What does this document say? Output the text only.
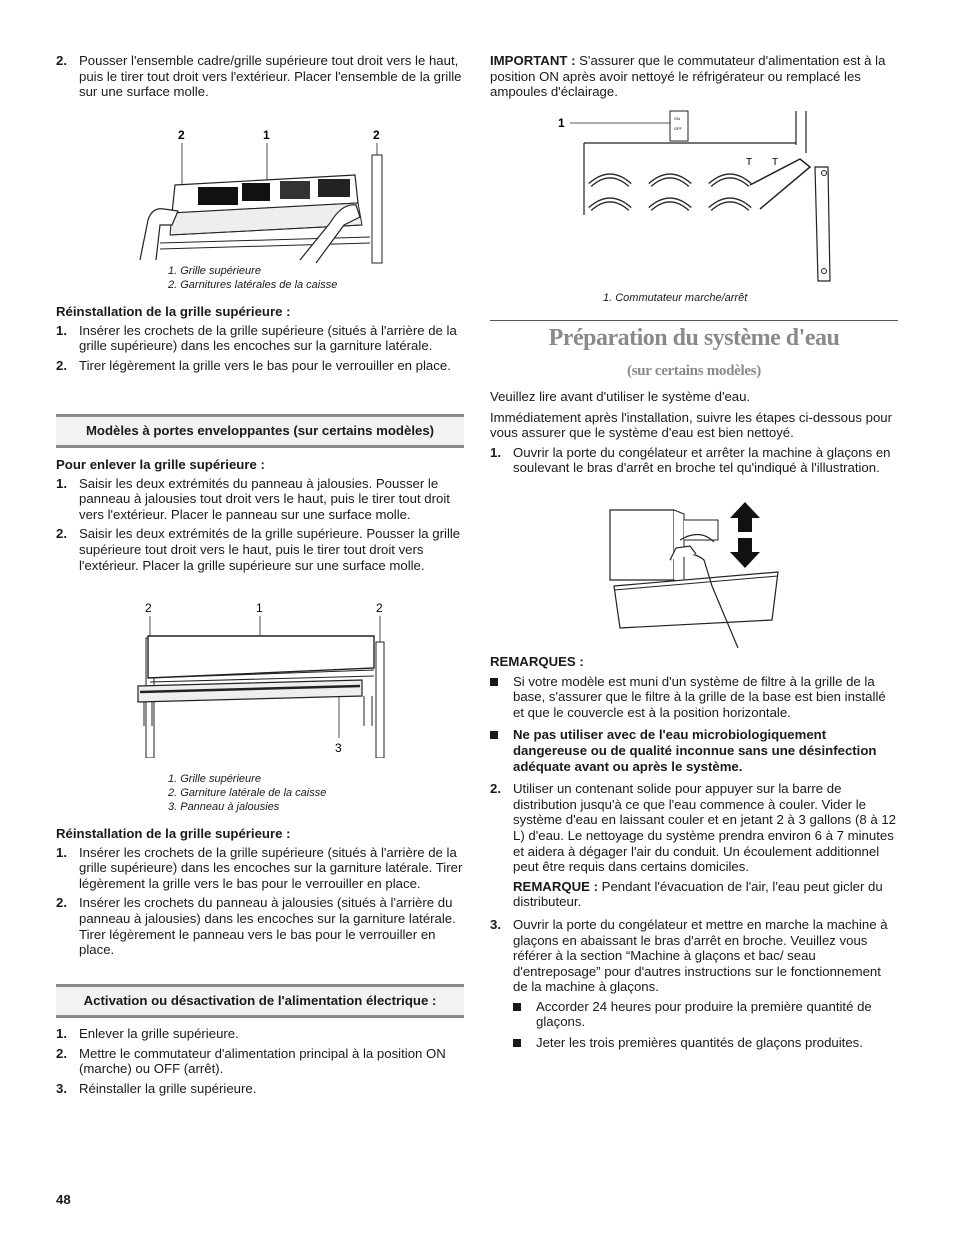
2. Pousser l'ensemble cadre/grille supérieure tout droit vers le haut, puis le tirer tout droit vers l'extérieur. Placer l'ensemble de la grille sur une surface molle.
2	1	2
1. Grille supérieure
2. Garnitures latérales de la caisse
Réinstallation de la grille supérieure :
1. Insérer les crochets de la grille supérieure (situés à l'arrière de la grille supérieure) dans les encoches sur la garniture latérale.
2. Tirer légèrement la grille vers le bas pour le verrouiller en place.
Modèles à portes enveloppantes (sur certains modèles)
Pour enlever la grille supérieure :
1. Saisir les deux extrémités du panneau à jalousies. Pousser le panneau à jalousies tout droit vers le haut, puis le tirer tout droit vers l'extérieur. Placer le panneau sur une surface molle.
2. Saisir les deux extrémités de la grille supérieure. Pousser la grille supérieure tout droit vers le haut, puis le tirer tout droit vers l'extérieur. Placer la grille supérieure sur une surface molle.
2	1	2
3
1. Grille supérieure
2. Garniture latérale de la caisse
3. Panneau à jalousies
Réinstallation de la grille supérieure :
1. Insérer les crochets de la grille supérieure (situés à l'arrière de la grille supérieure) dans les encoches sur la garniture latérale. Tirer légèrement la grille vers le bas pour le verrouiller en place.
2. Insérer les crochets du panneau à jalousies (situés à l'arrière du panneau à jalousies) dans les encoches sur la garniture latérale. Tirer légèrement le panneau vers le bas pour le verrouiller en place.
Activation ou désactivation de l'alimentation électrique :
1. Enlever la grille supérieure.
2. Mettre le commutateur d'alimentation principal à la position ON (marche) ou OFF (arrêt).
3. Réinstaller la grille supérieure.
IMPORTANT : S'assurer que le commutateur d'alimentation est à la position ON après avoir nettoyé le réfrigérateur ou remplacé les ampoules d'éclairage.
1	ON
OFF
T T
1. Commutateur marche/arrêt
Préparation du système d'eau
(sur certains modèles)
Veuillez lire avant d'utiliser le système d'eau.
Immédiatement après l'installation, suivre les étapes ci-dessous pour vous assurer que le système d'eau est bien nettoyé.
1. Ouvrir la porte du congélateur et arrêter la machine à glaçons en soulevant le bras d'arrêt en broche tel qu'indiqué à l'illustration.
REMARQUES :
Si votre modèle est muni d'un système de filtre à la grille de la base, s'assurer que le filtre à la grille de la base est bien installé et que le couvercle est à la position horizontale.
Ne pas utiliser avec de l'eau microbiologiquement dangereuse ou de qualité inconnue sans une désinfection adéquate avant ou après le système.
2. Utiliser un contenant solide pour appuyer sur la barre de distribution jusqu'à ce que l'eau commence à couler. Vider le système d'eau en laissant couler et en jetant 2 à 3 gallons (8 à 12 L) d'eau. Le nettoyage du système prendra environ 6 à 7 minutes et aidera à dégager l'air du conduit. Un écoulement additionnel peut être requis dans certains domiciles.
REMARQUE : Pendant l'évacuation de l'air, l'eau peut gicler du distributeur.
3. Ouvrir la porte du congélateur et mettre en marche la machine à glaçons en abaissant le bras d'arrêt en broche. Veuillez vous référer à la section “Machine à glaçons et bac/ seau d'entreposage” pour d'autres instructions sur le fonctionnement de la machine à glaçons.
Accorder 24 heures pour produire la première quantité de glaçons.
Jeter les trois premières quantités de glaçons produites.
48
